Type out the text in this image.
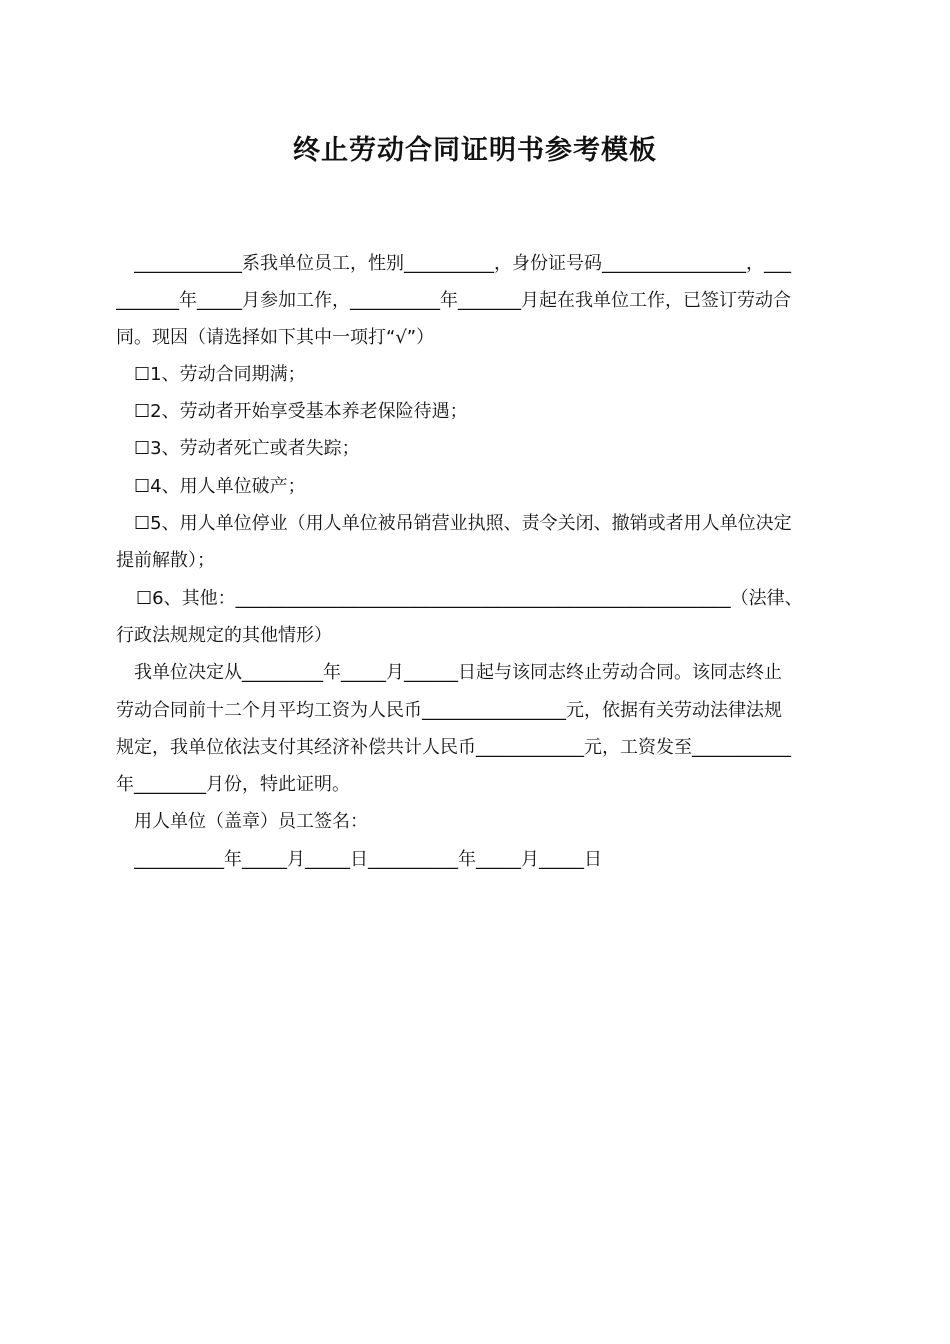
终止劳动合同证明书参考模板
____________系我单位员工，性别__________，身份证号码________________，___
_______年_____月参加工作，__________年_______月起在我单位工作，已签订劳动合
同。现因（请选择如下其中一项打“√”）
☐1、劳动合同期满；
☐2、劳动者开始享受基本养老保险待遇；
☐3、劳动者死亡或者失踪；
☐4、用人单位破产；
☐5、用人单位停业（用人单位被吊销营业执照、责令关闭、撤销或者用人单位决定
提前解散）；
☐6、其他：_______________________________________________________（法律、
行政法规规定的其他情形）
我单位决定从_________年_____月______日起与该同志终止劳动合同。该同志终止
劳动合同前十二个月平均工资为人民币________________元，依据有关劳动法律法规
规定，我单位依法支付其经济补偿共计人民币____________元，工资发至___________
年________月份，特此证明。
用人单位（盖章）员工签名：
__________年_____月_____日__________年_____月_____日
